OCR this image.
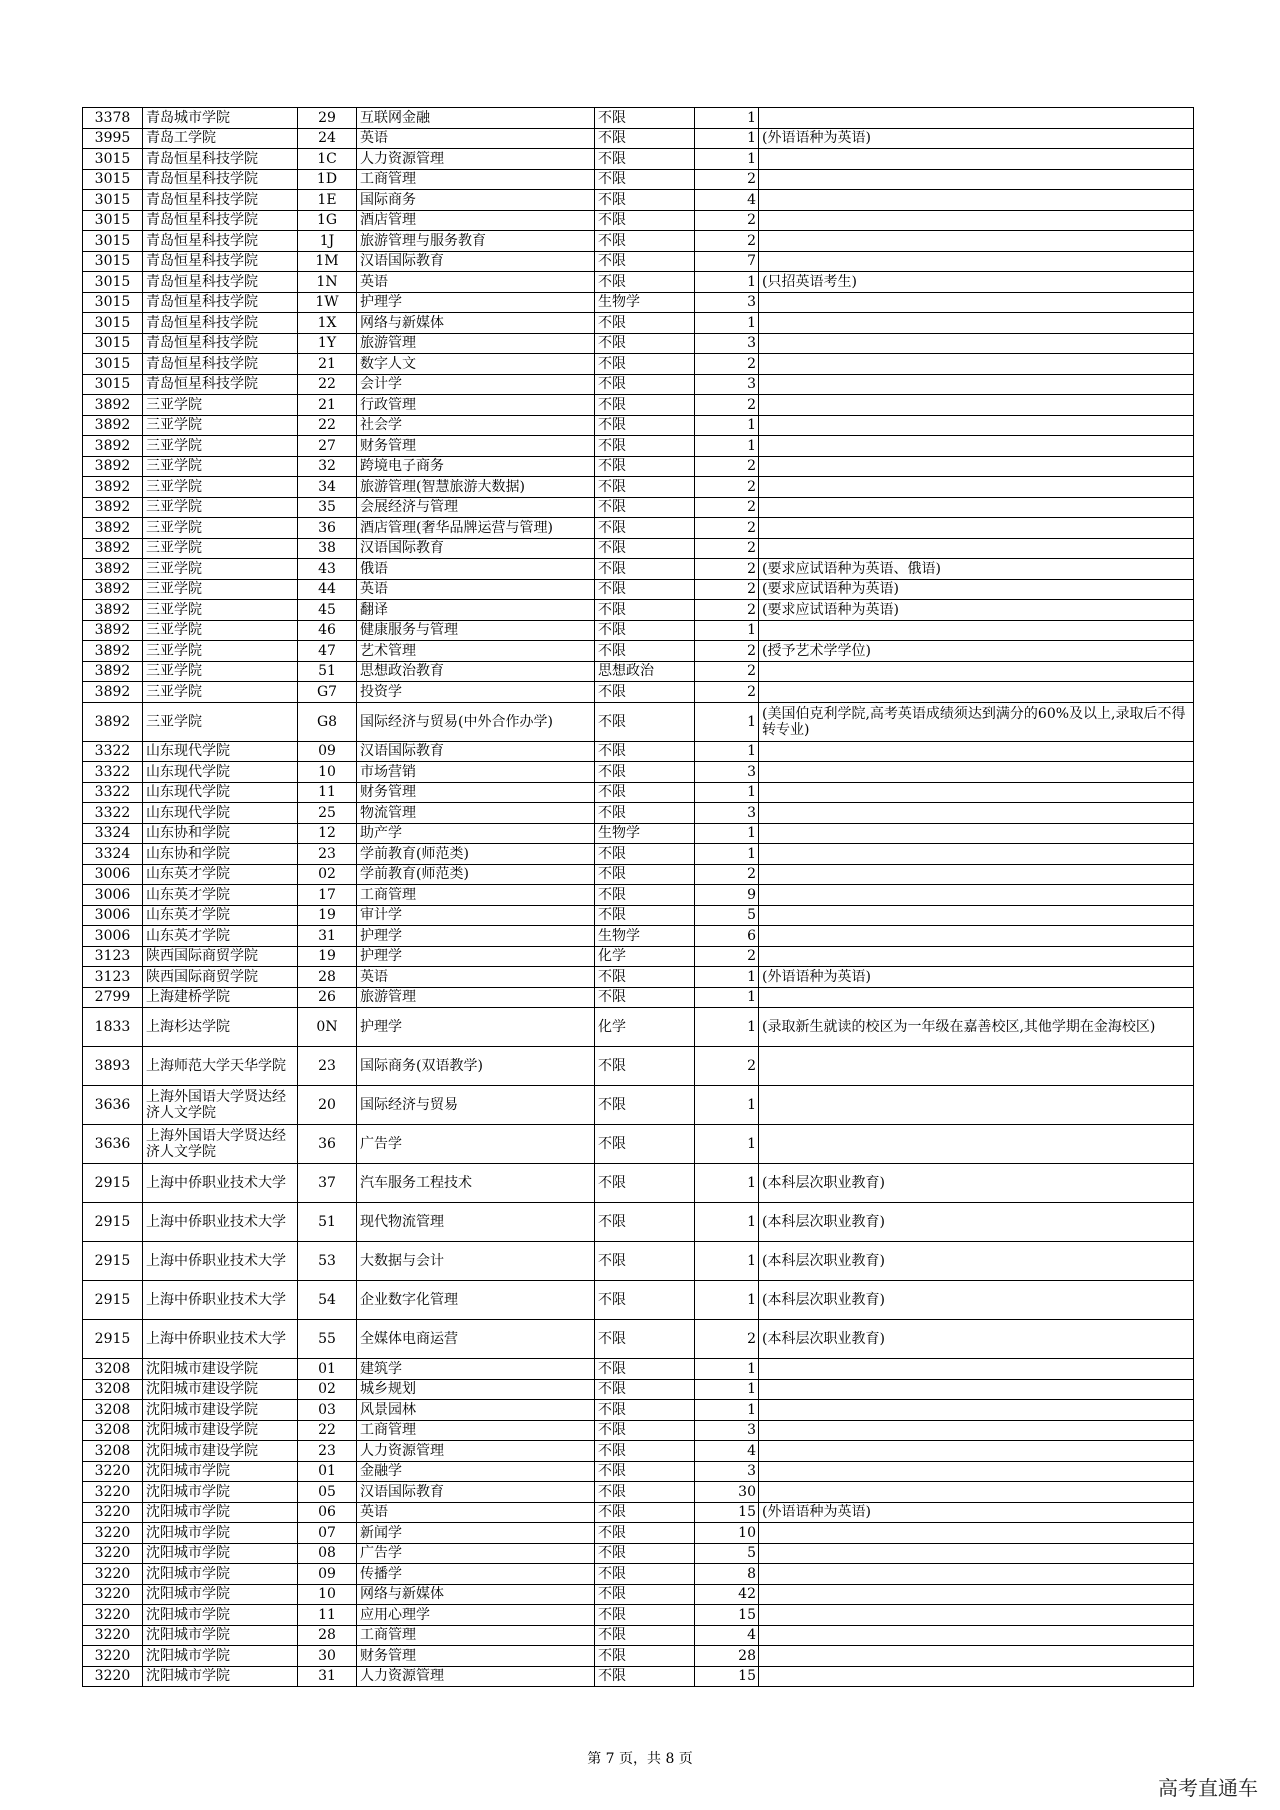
3378	青岛城市学院	29	互联网金融	不限	1	
3995	青岛工学院	24	英语	不限	1	(外语语种为英语)
3015	青岛恒星科技学院	1C	人力资源管理	不限	1	
3015	青岛恒星科技学院	1D	工商管理	不限	2	
3015	青岛恒星科技学院	1E	国际商务	不限	4	
3015	青岛恒星科技学院	1G	酒店管理	不限	2	
3015	青岛恒星科技学院	1J	旅游管理与服务教育	不限	2	
3015	青岛恒星科技学院	1M	汉语国际教育	不限	7	
3015	青岛恒星科技学院	1N	英语	不限	1	(只招英语考生)
3015	青岛恒星科技学院	1W	护理学	生物学	3	
3015	青岛恒星科技学院	1X	网络与新媒体	不限	1	
3015	青岛恒星科技学院	1Y	旅游管理	不限	3	
3015	青岛恒星科技学院	21	数字人文	不限	2	
3015	青岛恒星科技学院	22	会计学	不限	3	
3892	三亚学院	21	行政管理	不限	2	
3892	三亚学院	22	社会学	不限	1	
3892	三亚学院	27	财务管理	不限	1	
3892	三亚学院	32	跨境电子商务	不限	2	
3892	三亚学院	34	旅游管理(智慧旅游大数据)	不限	2	
3892	三亚学院	35	会展经济与管理	不限	2	
3892	三亚学院	36	酒店管理(奢华品牌运营与管理)	不限	2	
3892	三亚学院	38	汉语国际教育	不限	2	
3892	三亚学院	43	俄语	不限	2	(要求应试语种为英语、俄语)
3892	三亚学院	44	英语	不限	2	(要求应试语种为英语)
3892	三亚学院	45	翻译	不限	2	(要求应试语种为英语)
3892	三亚学院	46	健康服务与管理	不限	1	
3892	三亚学院	47	艺术管理	不限	2	(授予艺术学学位)
3892	三亚学院	51	思想政治教育	思想政治	2	
3892	三亚学院	G7	投资学	不限	2	
3892	三亚学院	G8	国际经济与贸易(中外合作办学)	不限	1	(美国伯克利学院,高考英语成绩须达到满分的60%及以上,录取后不得转专业)
3322	山东现代学院	09	汉语国际教育	不限	1	
3322	山东现代学院	10	市场营销	不限	3	
3322	山东现代学院	11	财务管理	不限	1	
3322	山东现代学院	25	物流管理	不限	3	
3324	山东协和学院	12	助产学	生物学	1	
3324	山东协和学院	23	学前教育(师范类)	不限	1	
3006	山东英才学院	02	学前教育(师范类)	不限	2	
3006	山东英才学院	17	工商管理	不限	9	
3006	山东英才学院	19	审计学	不限	5	
3006	山东英才学院	31	护理学	生物学	6	
3123	陕西国际商贸学院	19	护理学	化学	2	
3123	陕西国际商贸学院	28	英语	不限	1	(外语语种为英语)
2799	上海建桥学院	26	旅游管理	不限	1	
1833	上海杉达学院	0N	护理学	化学	1	(录取新生就读的校区为一年级在嘉善校区,其他学期在金海校区)
3893	上海师范大学天华学院	23	国际商务(双语教学)	不限	2	
3636	上海外国语大学贤达经济人文学院	20	国际经济与贸易	不限	1	
3636	上海外国语大学贤达经济人文学院	36	广告学	不限	1	
2915	上海中侨职业技术大学	37	汽车服务工程技术	不限	1	(本科层次职业教育)
2915	上海中侨职业技术大学	51	现代物流管理	不限	1	(本科层次职业教育)
2915	上海中侨职业技术大学	53	大数据与会计	不限	1	(本科层次职业教育)
2915	上海中侨职业技术大学	54	企业数字化管理	不限	1	(本科层次职业教育)
2915	上海中侨职业技术大学	55	全媒体电商运营	不限	2	(本科层次职业教育)
3208	沈阳城市建设学院	01	建筑学	不限	1	
3208	沈阳城市建设学院	02	城乡规划	不限	1	
3208	沈阳城市建设学院	03	风景园林	不限	1	
3208	沈阳城市建设学院	22	工商管理	不限	3	
3208	沈阳城市建设学院	23	人力资源管理	不限	4	
3220	沈阳城市学院	01	金融学	不限	3	
3220	沈阳城市学院	05	汉语国际教育	不限	30	
3220	沈阳城市学院	06	英语	不限	15	(外语语种为英语)
3220	沈阳城市学院	07	新闻学	不限	10	
3220	沈阳城市学院	08	广告学	不限	5	
3220	沈阳城市学院	09	传播学	不限	8	
3220	沈阳城市学院	10	网络与新媒体	不限	42	
3220	沈阳城市学院	11	应用心理学	不限	15	
3220	沈阳城市学院	28	工商管理	不限	4	
3220	沈阳城市学院	30	财务管理	不限	28	
3220	沈阳城市学院	31	人力资源管理	不限	15	
第 7 页，共 8 页
高考直通车
